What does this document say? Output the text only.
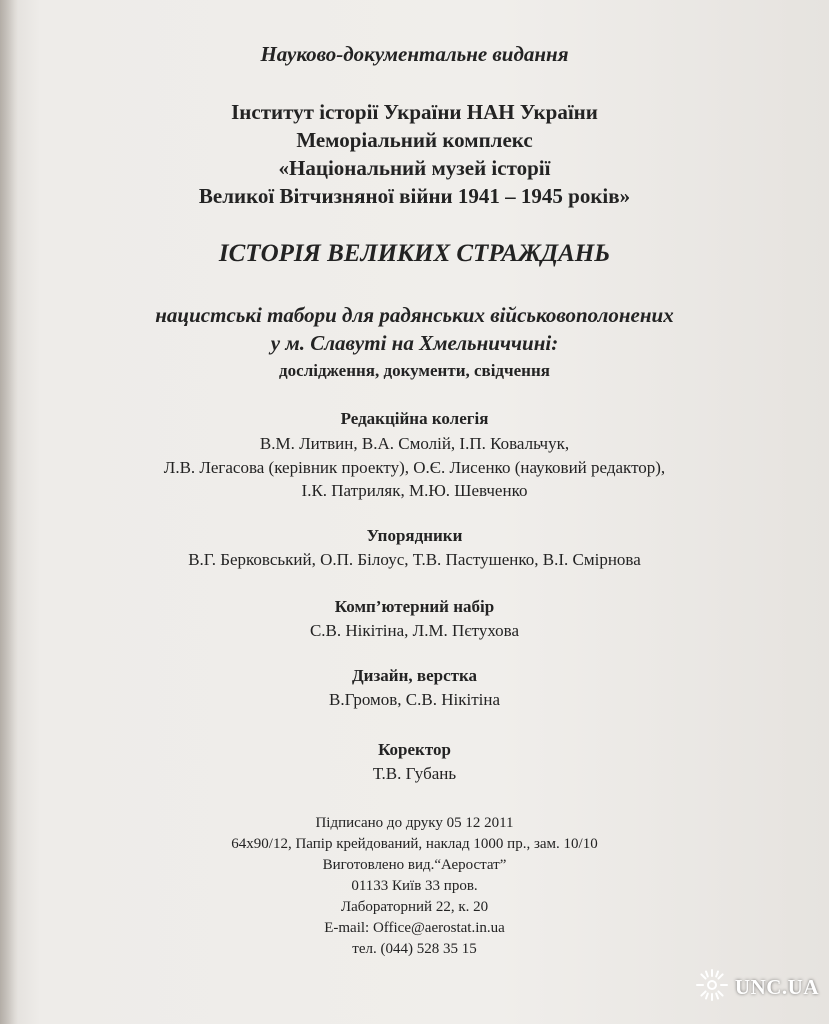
Науково-документальне видання
Інститут історії України НАН України
Меморіальний комплекс
«Національний музей історії
Великої Вітчизняної війни 1941 – 1945 років»
ІСТОРІЯ ВЕЛИКИХ СТРАЖДАНЬ
нацистські табори для радянських військовополонених
у м. Славуті на Хмельниччині:
дослідження, документи, свідчення
Редакційна колегія
В.М. Литвин, В.А. Смолій, І.П. Ковальчук,
Л.В. Легасова (керівник проекту), О.Є. Лисенко (науковий редактор),
І.К. Патриляк, М.Ю. Шевченко
Упорядники
В.Г. Берковський, О.П. Білоус, Т.В. Пастушенко, В.І. Смірнова
Комп’ютерний набір
С.В. Нікітіна, Л.М. Пєтухова
Дизайн, верстка
В.Громов, С.В. Нікітіна
Коректор
Т.В. Губань
Підписано до друку 05 12 2011
64х90/12, Папір крейдований, наклад 1000 пр., зам. 10/10
Виготовлено вид.“Аеростат”
01133 Київ 33 пров.
Лабораторний 22, к. 20
E-mail: Office@aerostat.in.ua
тел. (044) 528 35 15
UNC.UA
